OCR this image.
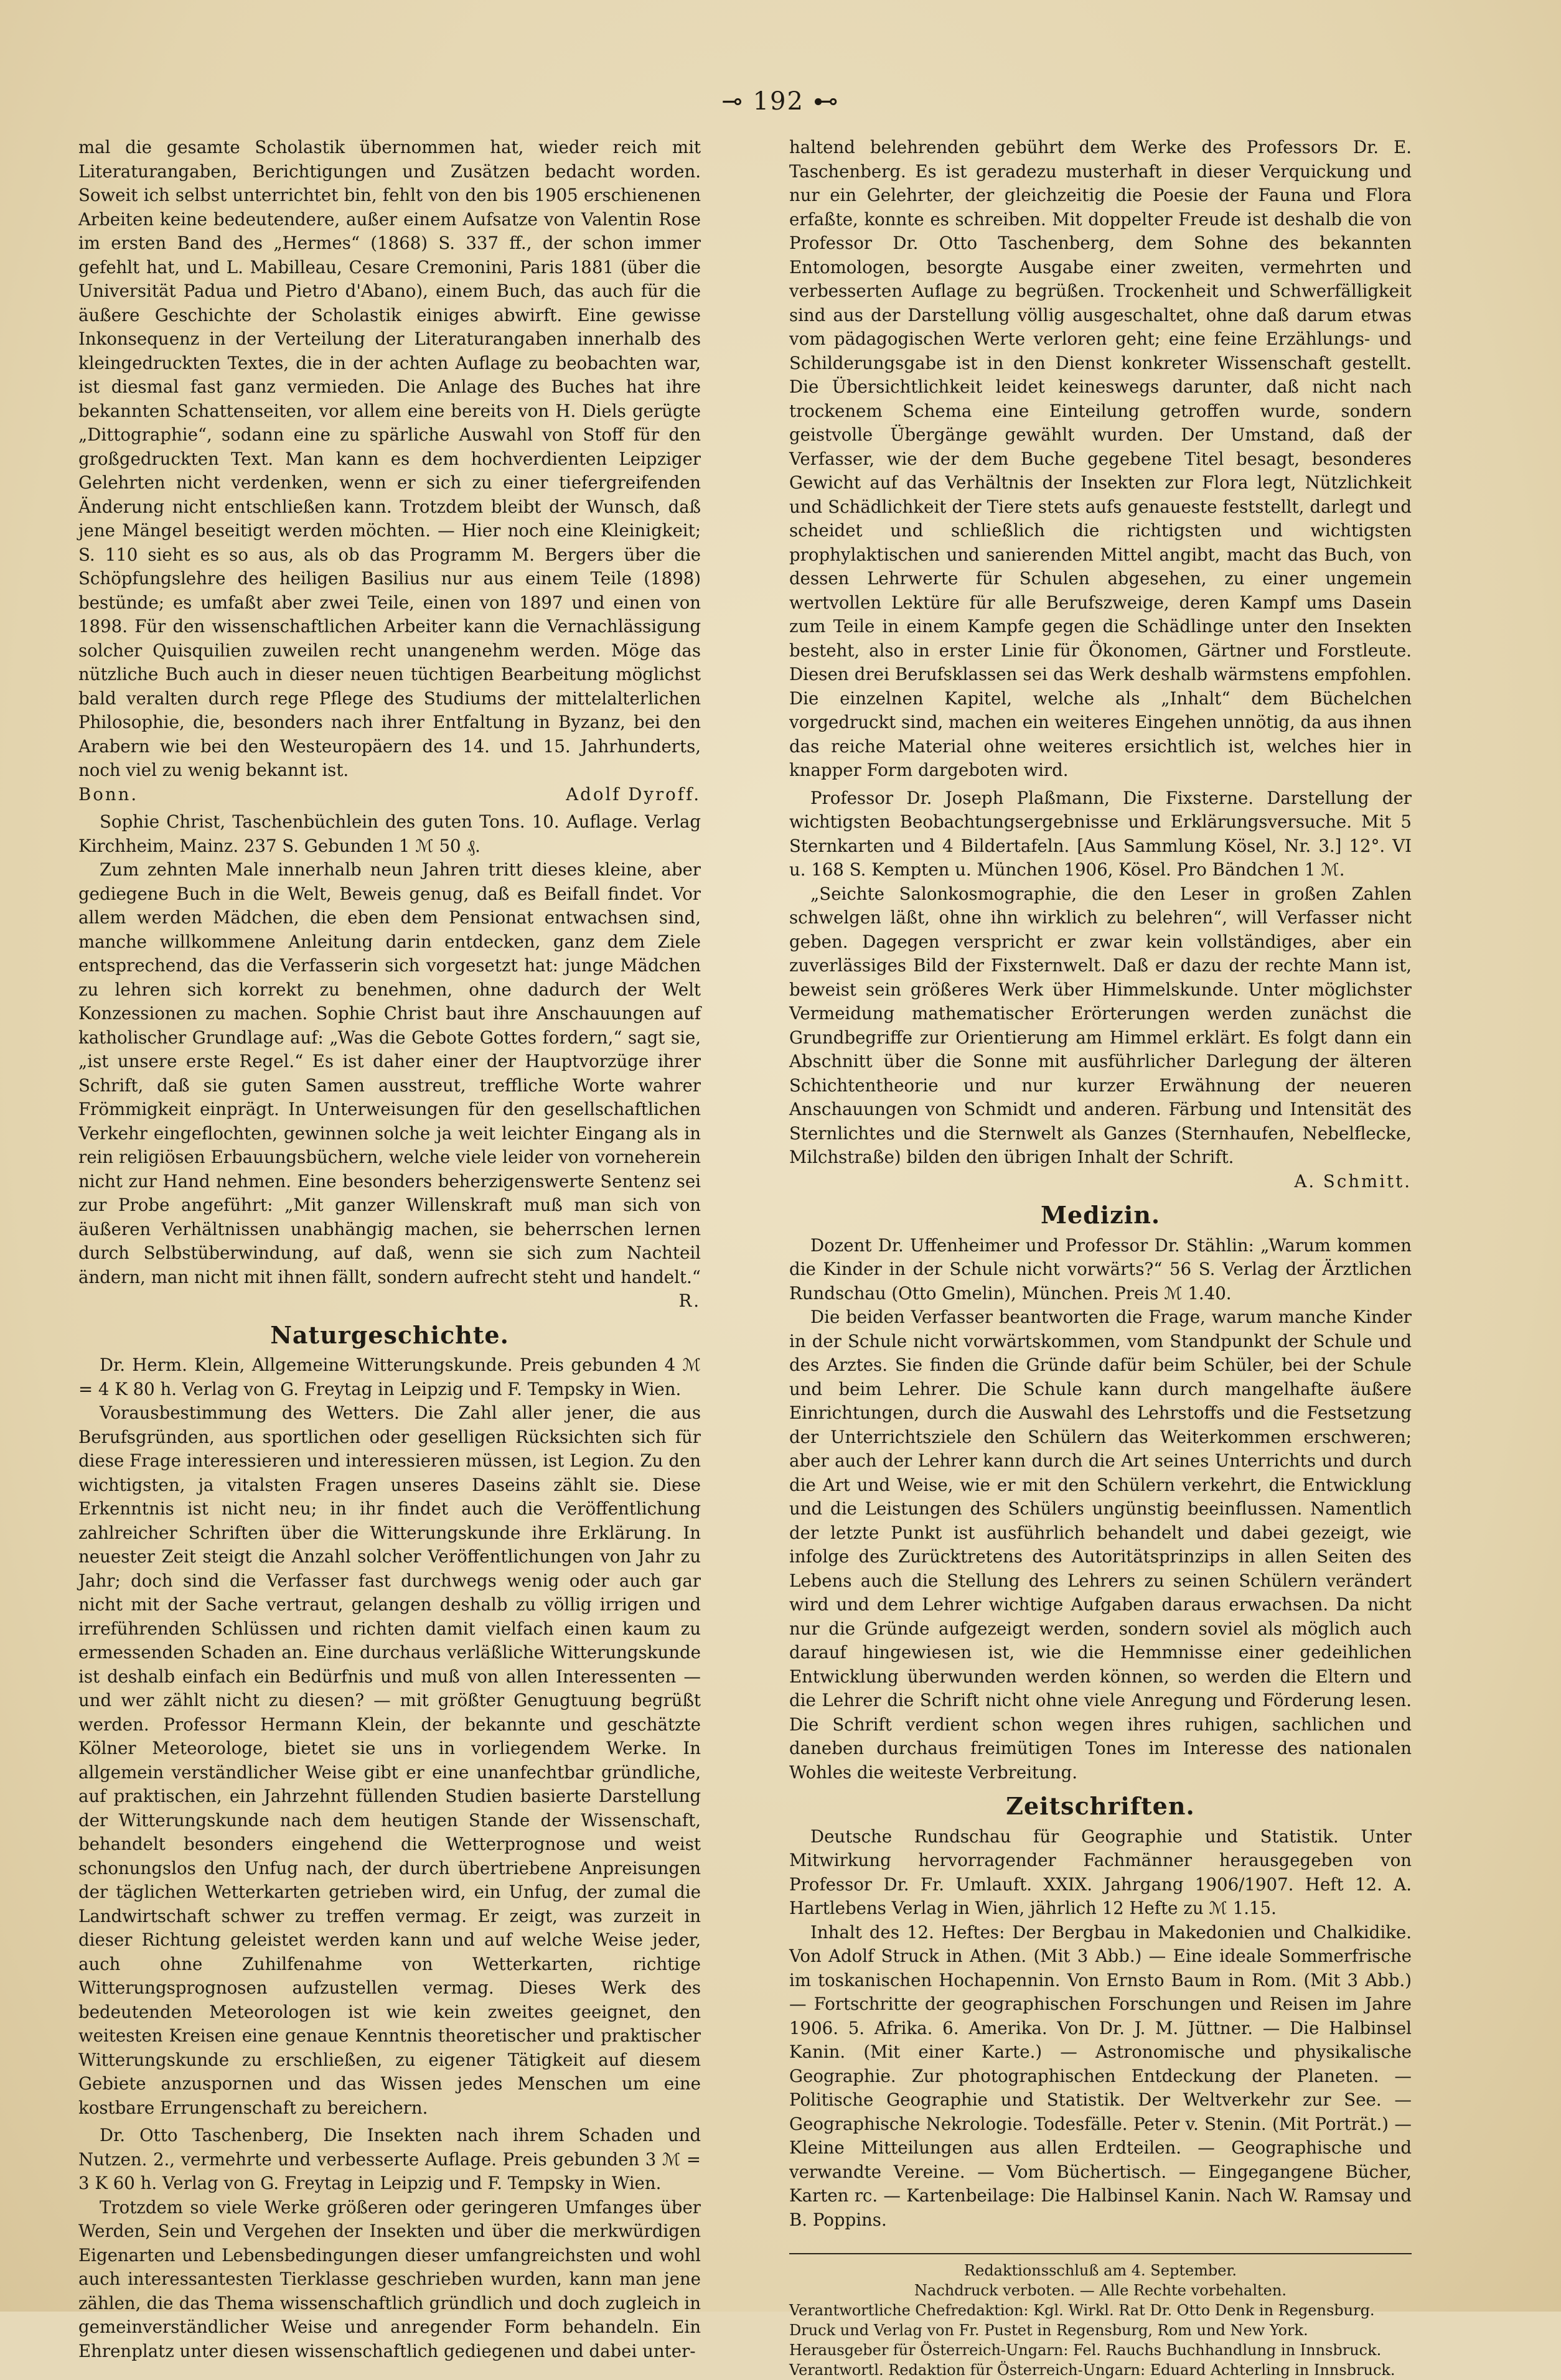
⊸ 192 ⊷

mal die gesamte Scholastik übernommen hat, wieder reich mit Literaturangaben, Berichtigungen und Zusätzen bedacht worden. Soweit ich selbst unterrichtet bin, fehlt von den bis 1905 erschienenen Arbeiten keine bedeutendere, außer einem Aufsatze von Valentin Rose im ersten Band des „Hermes“ (1868) S. 337 ff., der schon immer gefehlt hat, und L. Mabilleau, Cesare Cremonini, Paris 1881 (über die Universität Padua und Pietro d'Abano), einem Buch, das auch für die äußere Geschichte der Scholastik einiges abwirft. Eine gewisse Inkonsequenz in der Verteilung der Literaturangaben innerhalb des kleingedruckten Textes, die in der achten Auflage zu beobachten war, ist diesmal fast ganz vermieden. Die Anlage des Buches hat ihre bekannten Schattenseiten, vor allem eine bereits von H. Diels gerügte „Dittographie“, sodann eine zu spärliche Auswahl von Stoff für den großgedruckten Text. Man kann es dem hochverdienten Leipziger Gelehrten nicht verdenken, wenn er sich zu einer tiefergreifenden Änderung nicht entschließen kann. Trotzdem bleibt der Wunsch, daß jene Mängel beseitigt werden möchten. — Hier noch eine Kleinigkeit; S. 110 sieht es so aus, als ob das Programm M. Bergers über die Schöpfungslehre des heiligen Basilius nur aus einem Teile (1898) bestünde; es umfaßt aber zwei Teile, einen von 1897 und einen von 1898. Für den wissenschaftlichen Arbeiter kann die Vernachlässigung solcher Quisquilien zuweilen recht unangenehm werden. Möge das nützliche Buch auch in dieser neuen tüchtigen Bearbeitung möglichst bald veralten durch rege Pflege des Studiums der mittelalterlichen Philosophie, die, besonders nach ihrer Entfaltung in Byzanz, bei den Arabern wie bei den Westeuropäern des 14. und 15. Jahrhunderts, noch viel zu wenig bekannt ist.

Bonn.	Adolf Dyroff.

Sophie Christ, Taschenbüchlein des guten Tons. 10. Auflage. Verlag Kirchheim, Mainz. 237 S. Gebunden 1 ℳ 50 ₰.

Zum zehnten Male innerhalb neun Jahren tritt dieses kleine, aber gediegene Buch in die Welt, Beweis genug, daß es Beifall findet. Vor allem werden Mädchen, die eben dem Pensionat entwachsen sind, manche willkommene Anleitung darin entdecken, ganz dem Ziele entsprechend, das die Verfasserin sich vorgesetzt hat: junge Mädchen zu lehren sich korrekt zu benehmen, ohne dadurch der Welt Konzessionen zu machen. Sophie Christ baut ihre Anschauungen auf katholischer Grundlage auf: „Was die Gebote Gottes fordern,“ sagt sie, „ist unsere erste Regel.“ Es ist daher einer der Hauptvorzüge ihrer Schrift, daß sie guten Samen ausstreut, treffliche Worte wahrer Frömmigkeit einprägt. In Unterweisungen für den gesellschaftlichen Verkehr eingeflochten, gewinnen solche ja weit leichter Eingang als in rein religiösen Erbauungsbüchern, welche viele leider von vorneherein nicht zur Hand nehmen. Eine besonders beherzigenswerte Sentenz sei zur Probe angeführt: „Mit ganzer Willenskraft muß man sich von äußeren Verhältnissen unabhängig machen, sie beherrschen lernen durch Selbstüberwindung, auf daß, wenn sie sich zum Nachteil ändern, man nicht mit ihnen fällt, sondern aufrecht steht und handelt.“

R.
Naturgeschichte.

Dr. Herm. Klein, Allgemeine Witterungskunde. Preis gebunden 4 ℳ = 4 K 80 h. Verlag von G. Freytag in Leipzig und F. Tempsky in Wien.

Vorausbestimmung des Wetters. Die Zahl aller jener, die aus Berufsgründen, aus sportlichen oder geselligen Rücksichten sich für diese Frage interessieren und interessieren müssen, ist Legion. Zu den wichtigsten, ja vitalsten Fragen unseres Daseins zählt sie. Diese Erkenntnis ist nicht neu; in ihr findet auch die Veröffentlichung zahlreicher Schriften über die Witterungskunde ihre Erklärung. In neuester Zeit steigt die Anzahl solcher Veröffentlichungen von Jahr zu Jahr; doch sind die Verfasser fast durchwegs wenig oder auch gar nicht mit der Sache vertraut, gelangen deshalb zu völlig irrigen und irreführenden Schlüssen und richten damit vielfach einen kaum zu ermessenden Schaden an. Eine durchaus verläßliche Witterungskunde ist deshalb einfach ein Bedürfnis und muß von allen Interessenten — und wer zählt nicht zu diesen? — mit größter Genugtuung begrüßt werden. Professor Hermann Klein, der bekannte und geschätzte Kölner Meteorologe, bietet sie uns in vorliegendem Werke. In allgemein verständlicher Weise gibt er eine unanfechtbar gründliche, auf praktischen, ein Jahrzehnt füllenden Studien basierte Darstellung der Witterungskunde nach dem heutigen Stande der Wissenschaft, behandelt besonders eingehend die Wetterprognose und weist schonungslos den Unfug nach, der durch übertriebene Anpreisungen der täglichen Wetterkarten getrieben wird, ein Unfug, der zumal die Landwirtschaft schwer zu treffen vermag. Er zeigt, was zurzeit in dieser Richtung geleistet werden kann und auf welche Weise jeder, auch ohne Zuhilfenahme von Wetterkarten, richtige Witterungsprognosen aufzustellen vermag. Dieses Werk des bedeutenden Meteorologen ist wie kein zweites geeignet, den weitesten Kreisen eine genaue Kenntnis theoretischer und praktischer Witterungskunde zu erschließen, zu eigener Tätigkeit auf diesem Gebiete anzuspornen und das Wissen jedes Menschen um eine kostbare Errungenschaft zu bereichern.

Dr. Otto Taschenberg, Die Insekten nach ihrem Schaden und Nutzen. 2., vermehrte und verbesserte Auflage. Preis gebunden 3 ℳ = 3 K 60 h. Verlag von G. Freytag in Leipzig und F. Tempsky in Wien.

Trotzdem so viele Werke größeren oder geringeren Umfanges über Werden, Sein und Vergehen der Insekten und über die merkwürdigen Eigenarten und Lebensbedingungen dieser umfangreichsten und wohl auch interessantesten Tierklasse geschrieben wurden, kann man jene zählen, die das Thema wissenschaftlich gründlich und doch zugleich in gemeinverständlicher Weise und anregender Form behandeln. Ein Ehrenplatz unter diesen wissenschaftlich gediegenen und dabei unter-

haltend belehrenden gebührt dem Werke des Professors Dr. E. Taschenberg. Es ist geradezu musterhaft in dieser Verquickung und nur ein Gelehrter, der gleichzeitig die Poesie der Fauna und Flora erfaßte, konnte es schreiben. Mit doppelter Freude ist deshalb die von Professor Dr. Otto Taschenberg, dem Sohne des bekannten Entomologen, besorgte Ausgabe einer zweiten, vermehrten und verbesserten Auflage zu begrüßen. Trockenheit und Schwerfälligkeit sind aus der Darstellung völlig ausgeschaltet, ohne daß darum etwas vom pädagogischen Werte verloren geht; eine feine Erzählungs- und Schilderungsgabe ist in den Dienst konkreter Wissenschaft gestellt. Die Übersichtlichkeit leidet keineswegs darunter, daß nicht nach trockenem Schema eine Einteilung getroffen wurde, sondern geistvolle Übergänge gewählt wurden. Der Umstand, daß der Verfasser, wie der dem Buche gegebene Titel besagt, besonderes Gewicht auf das Verhältnis der Insekten zur Flora legt, Nützlichkeit und Schädlichkeit der Tiere stets aufs genaueste feststellt, darlegt und scheidet und schließlich die richtigsten und wichtigsten prophylaktischen und sanierenden Mittel angibt, macht das Buch, von dessen Lehrwerte für Schulen abgesehen, zu einer ungemein wertvollen Lektüre für alle Berufszweige, deren Kampf ums Dasein zum Teile in einem Kampfe gegen die Schädlinge unter den Insekten besteht, also in erster Linie für Ökonomen, Gärtner und Forstleute. Diesen drei Berufsklassen sei das Werk deshalb wärmstens empfohlen. Die einzelnen Kapitel, welche als „Inhalt“ dem Büchelchen vorgedruckt sind, machen ein weiteres Eingehen unnötig, da aus ihnen das reiche Material ohne weiteres ersichtlich ist, welches hier in knapper Form dargeboten wird.

Professor Dr. Joseph Plaßmann, Die Fixsterne. Darstellung der wichtigsten Beobachtungsergebnisse und Erklärungsversuche. Mit 5 Sternkarten und 4 Bildertafeln. [Aus Sammlung Kösel, Nr. 3.] 12°. VI u. 168 S. Kempten u. München 1906, Kösel. Pro Bändchen 1 ℳ.

„Seichte Salonkosmographie, die den Leser in großen Zahlen schwelgen läßt, ohne ihn wirklich zu belehren“, will Verfasser nicht geben. Dagegen verspricht er zwar kein vollständiges, aber ein zuverlässiges Bild der Fixsternwelt. Daß er dazu der rechte Mann ist, beweist sein größeres Werk über Himmelskunde. Unter möglichster Vermeidung mathematischer Erörterungen werden zunächst die Grundbegriffe zur Orientierung am Himmel erklärt. Es folgt dann ein Abschnitt über die Sonne mit ausführlicher Darlegung der älteren Schichtentheorie und nur kurzer Erwähnung der neueren Anschauungen von Schmidt und anderen. Färbung und Intensität des Sternlichtes und die Sternwelt als Ganzes (Sternhaufen, Nebelflecke, Milchstraße) bilden den übrigen Inhalt der Schrift.

A. Schmitt.
Medizin.

Dozent Dr. Uffenheimer und Professor Dr. Stählin: „Warum kommen die Kinder in der Schule nicht vorwärts?“ 56 S. Verlag der Ärztlichen Rundschau (Otto Gmelin), München. Preis ℳ 1.40.

Die beiden Verfasser beantworten die Frage, warum manche Kinder in der Schule nicht vorwärtskommen, vom Standpunkt der Schule und des Arztes. Sie finden die Gründe dafür beim Schüler, bei der Schule und beim Lehrer. Die Schule kann durch mangelhafte äußere Einrichtungen, durch die Auswahl des Lehrstoffs und die Festsetzung der Unterrichtsziele den Schülern das Weiterkommen erschweren; aber auch der Lehrer kann durch die Art seines Unterrichts und durch die Art und Weise, wie er mit den Schülern verkehrt, die Entwicklung und die Leistungen des Schülers ungünstig beeinflussen. Namentlich der letzte Punkt ist ausführlich behandelt und dabei gezeigt, wie infolge des Zurücktretens des Autoritätsprinzips in allen Seiten des Lebens auch die Stellung des Lehrers zu seinen Schülern verändert wird und dem Lehrer wichtige Aufgaben daraus erwachsen. Da nicht nur die Gründe aufgezeigt werden, sondern soviel als möglich auch darauf hingewiesen ist, wie die Hemmnisse einer gedeihlichen Entwicklung überwunden werden können, so werden die Eltern und die Lehrer die Schrift nicht ohne viele Anregung und Förderung lesen. Die Schrift verdient schon wegen ihres ruhigen, sachlichen und daneben durchaus freimütigen Tones im Interesse des nationalen Wohles die weiteste Verbreitung.

Zeitschriften.

Deutsche Rundschau für Geographie und Statistik. Unter Mitwirkung hervorragender Fachmänner herausgegeben von Professor Dr. Fr. Umlauft. XXIX. Jahrgang 1906/1907. Heft 12. A. Hartlebens Verlag in Wien, jährlich 12 Hefte zu ℳ 1.15.

Inhalt des 12. Heftes: Der Bergbau in Makedonien und Chalkidike. Von Adolf Struck in Athen. (Mit 3 Abb.) — Eine ideale Sommerfrische im toskanischen Hochapennin. Von Ernsto Baum in Rom. (Mit 3 Abb.) — Fortschritte der geographischen Forschungen und Reisen im Jahre 1906. 5. Afrika. 6. Amerika. Von Dr. J. M. Jüttner. — Die Halbinsel Kanin. (Mit einer Karte.) — Astronomische und physikalische Geographie. Zur photographischen Entdeckung der Planeten. — Politische Geographie und Statistik. Der Weltverkehr zur See. — Geographische Nekrologie. Todesfälle. Peter v. Stenin. (Mit Porträt.) — Kleine Mitteilungen aus allen Erdteilen. — Geographische und verwandte Vereine. — Vom Büchertisch. — Eingegangene Bücher, Karten rc. — Kartenbeilage: Die Halbinsel Kanin. Nach W. Ramsay und B. Poppins.

Redaktionsschluß am 4. September.
Nachdruck verboten. — Alle Rechte vorbehalten.
Verantwortliche Chefredaktion: Kgl. Wirkl. Rat Dr. Otto Denk in Regensburg.
Druck und Verlag von Fr. Pustet in Regensburg, Rom und New York.
Herausgeber für Österreich-Ungarn: Fel. Rauchs Buchhandlung in Innsbruck.
Verantwortl. Redaktion für Österreich-Ungarn: Eduard Achterling in Innsbruck.
